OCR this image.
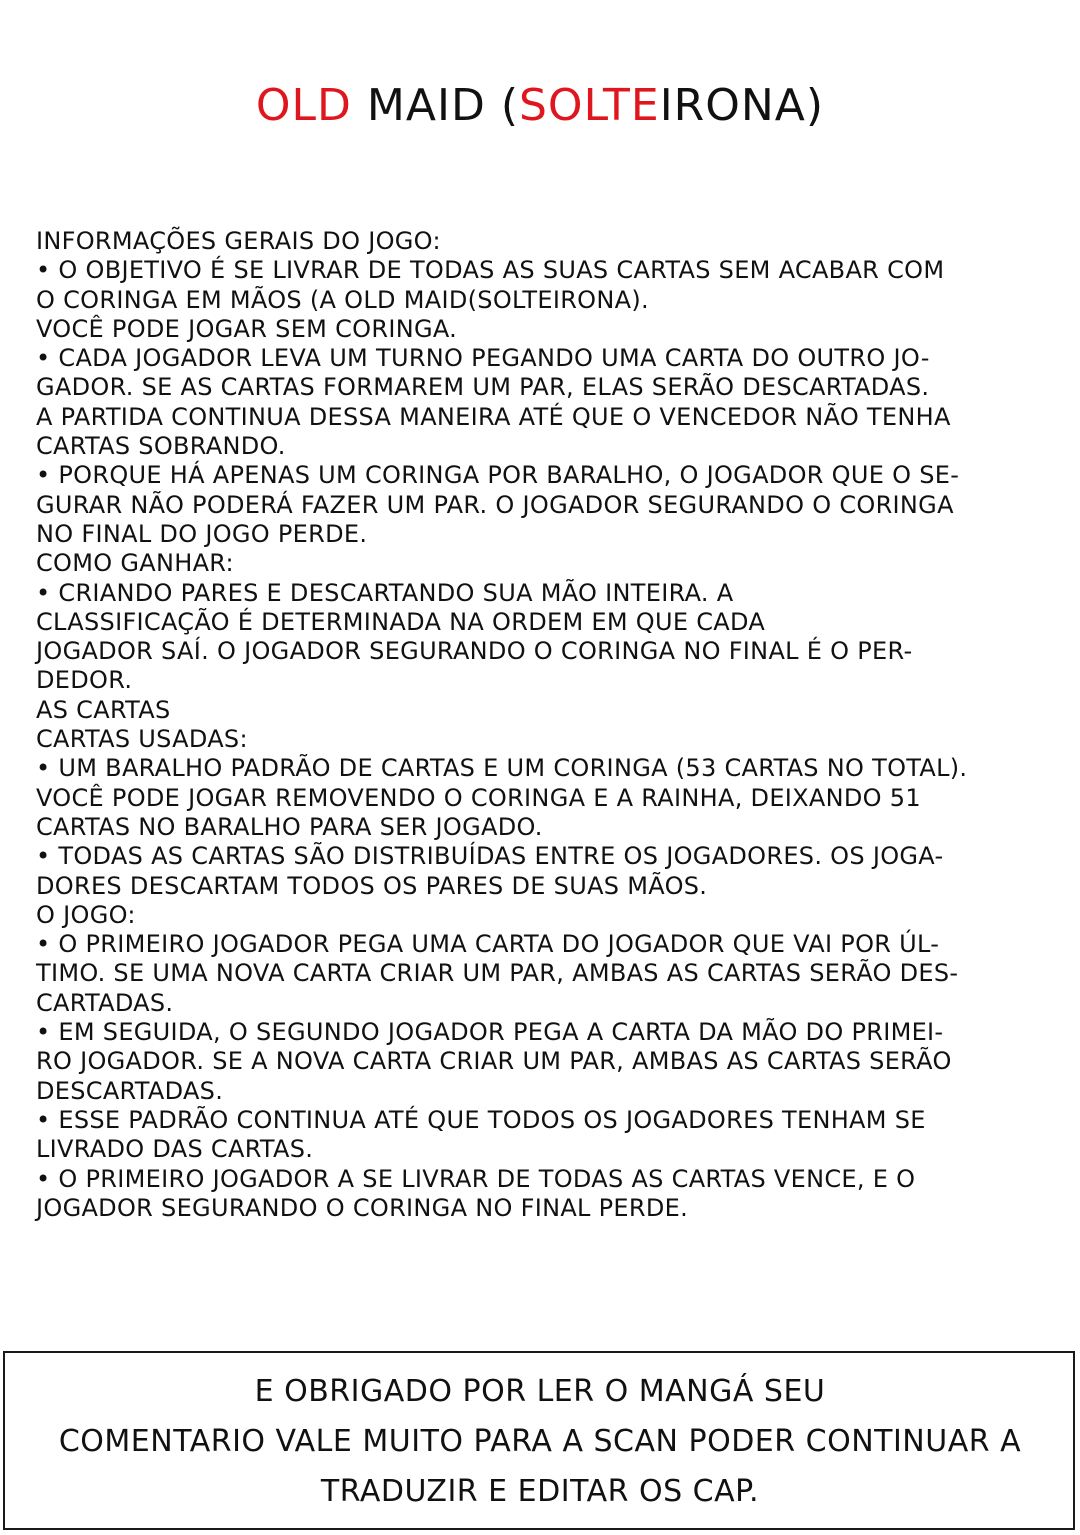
OLD MAID (SOLTEIRONA)
INFORMAÇÕES GERAIS DO JOGO:
• O OBJETIVO É SE LIVRAR DE TODAS AS SUAS CARTAS SEM ACABAR COM
O CORINGA EM MÃOS (A OLD MAID(SOLTEIRONA).
VOCÊ PODE JOGAR SEM CORINGA.
• CADA JOGADOR LEVA UM TURNO PEGANDO UMA CARTA DO OUTRO JO-
GADOR. SE AS CARTAS FORMAREM UM PAR, ELAS SERÃO DESCARTADAS.
A PARTIDA CONTINUA DESSA MANEIRA ATÉ QUE O VENCEDOR NÃO TENHA
CARTAS SOBRANDO.
• PORQUE HÁ APENAS UM CORINGA POR BARALHO, O JOGADOR QUE O SE-
GURAR NÃO PODERÁ FAZER UM PAR. O JOGADOR SEGURANDO O CORINGA
NO FINAL DO JOGO PERDE.
COMO GANHAR:
• CRIANDO PARES E DESCARTANDO SUA MÃO INTEIRA. A
CLASSIFICAÇÃO É DETERMINADA NA ORDEM EM QUE CADA
JOGADOR SAÍ. O JOGADOR SEGURANDO O CORINGA NO FINAL É O PER-
DEDOR.
AS CARTAS
CARTAS USADAS:
• UM BARALHO PADRÃO DE CARTAS E UM CORINGA (53 CARTAS NO TOTAL).
VOCÊ PODE JOGAR REMOVENDO O CORINGA E A RAINHA, DEIXANDO 51
CARTAS NO BARALHO PARA SER JOGADO.
• TODAS AS CARTAS SÃO DISTRIBUÍDAS ENTRE OS JOGADORES. OS JOGA-
DORES DESCARTAM TODOS OS PARES DE SUAS MÃOS.
O JOGO:
• O PRIMEIRO JOGADOR PEGA UMA CARTA DO JOGADOR QUE VAI POR ÚL-
TIMO. SE UMA NOVA CARTA CRIAR UM PAR, AMBAS AS CARTAS SERÃO DES-
CARTADAS.
• EM SEGUIDA, O SEGUNDO JOGADOR PEGA A CARTA DA MÃO DO PRIMEI-
RO JOGADOR. SE A NOVA CARTA CRIAR UM PAR, AMBAS AS CARTAS SERÃO
DESCARTADAS.
• ESSE PADRÃO CONTINUA ATÉ QUE TODOS OS JOGADORES TENHAM SE
LIVRADO DAS CARTAS.
• O PRIMEIRO JOGADOR A SE LIVRAR DE TODAS AS CARTAS VENCE, E O
JOGADOR SEGURANDO O CORINGA NO FINAL PERDE.
E OBRIGADO POR LER O MANGÁ SEU
COMENTARIO VALE MUITO PARA A SCAN PODER CONTINUAR A
TRADUZIR E EDITAR OS CAP.
